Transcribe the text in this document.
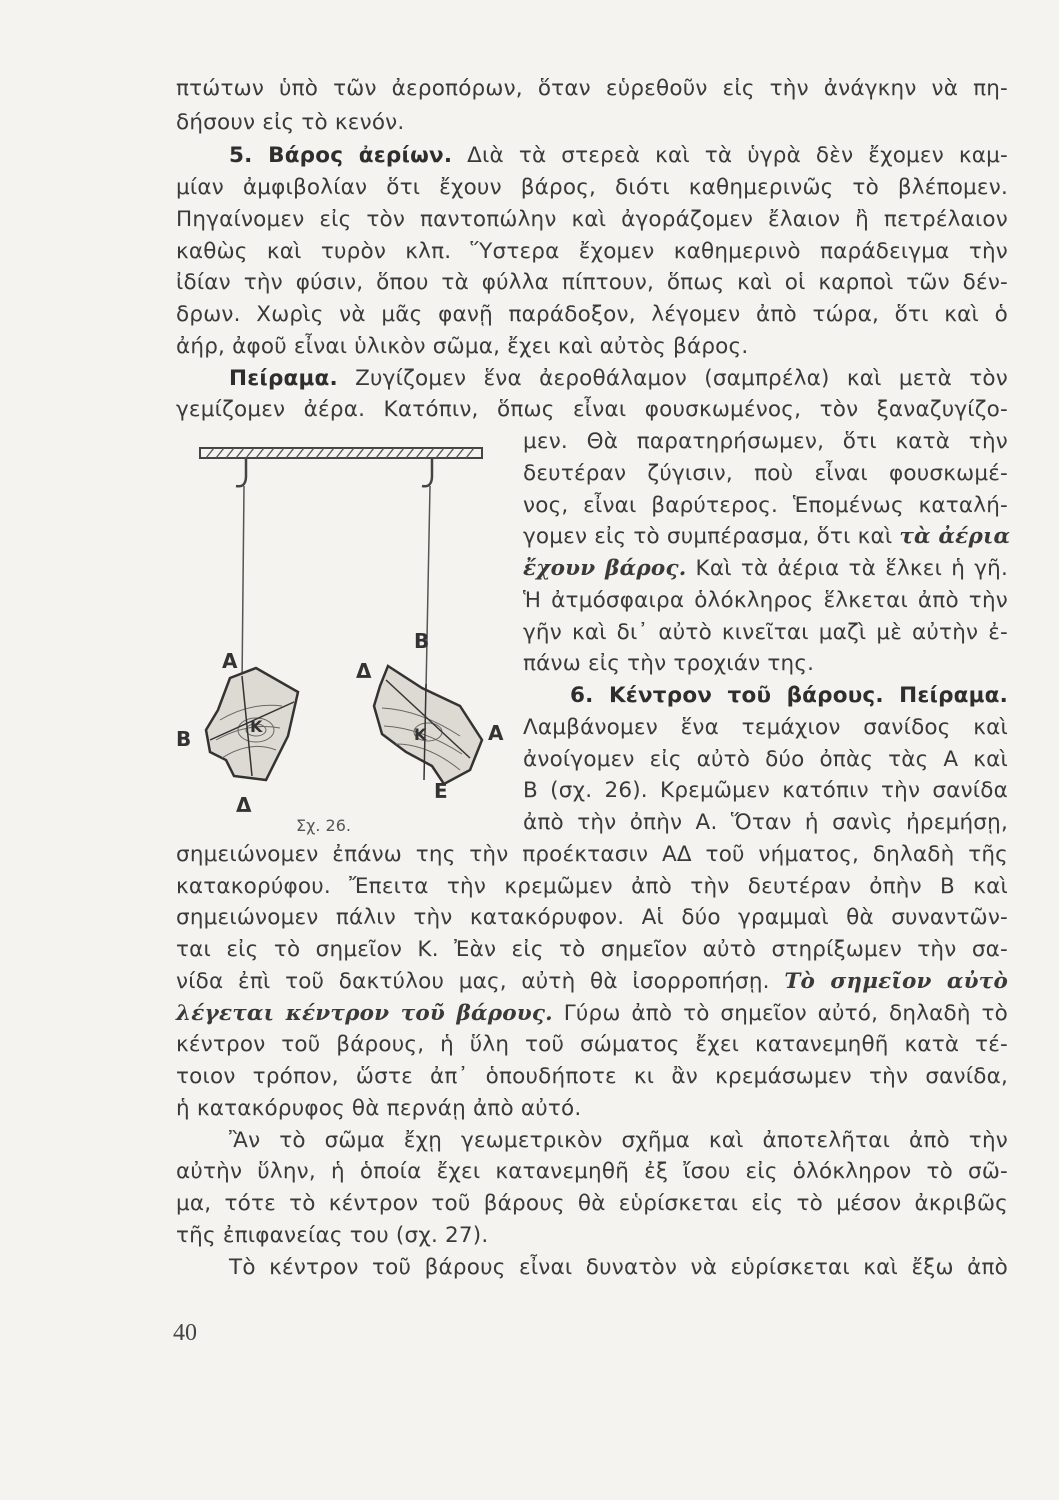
πτώτων ὑπὸ τῶν ἀεροπόρων, ὅταν εὑρεθοῦν εἰς τὴν ἀνάγκην νὰ πη-
δήσουν εἰς τὸ κενόν.
5. Βάρος ἀερίων. Διὰ τὰ στερεὰ καὶ τὰ ὑγρὰ δὲν ἔχομεν καμ-
μίαν ἀμφιβολίαν ὅτι ἔχουν βάρος, διότι καθημερινῶς τὸ βλέπομεν.
Πηγαίνομεν εἰς τὸν παντοπώλην καὶ ἀγοράζομεν ἔλαιον ἢ πετρέλαιον
καθὼς καὶ τυρὸν κλπ. Ὕστερα ἔχομεν καθημερινὸ παράδειγμα τὴν
ἰδίαν τὴν φύσιν, ὅπου τὰ φύλλα πίπτουν, ὅπως καὶ οἱ καρποὶ τῶν δέν-
δρων. Χωρὶς νὰ μᾶς φανῇ παράδοξον, λέγομεν ἀπὸ τώρα, ὅτι καὶ ὁ
ἀήρ, ἀφοῦ εἶναι ὑλικὸν σῶμα, ἔχει καὶ αὐτὸς βάρος.
Πείραμα. Ζυγίζομεν ἕνα ἀεροθάλαμον (σαμπρέλα) καὶ μετὰ τὸν
γεμίζομεν ἀέρα. Κατόπιν, ὅπως εἶναι φουσκωμένος, τὸν ξαναζυγίζο-
μεν. Θὰ παρατηρήσωμεν, ὅτι κατὰ τὴν
δευτέραν ζύγισιν, ποὺ εἶναι φουσκωμέ-
νος, εἶναι βαρύτερος. Ἑπομένως καταλή-
γομεν εἰς τὸ συμπέρασμα, ὅτι καὶ τὰ ἀέρια
ἔχουν βάρος. Καὶ τὰ ἀέρια τὰ ἕλκει ἡ γῆ.
Ἡ ἀτμόσφαιρα ὁλόκληρος ἕλκεται ἀπὸ τὴν
γῆν καὶ δι᾽ αὐτὸ κινεῖται μαζὶ μὲ αὐτὴν ἐ-
πάνω εἰς τὴν τροχιάν της.
6. Κέντρον τοῦ βάρους. Πείραμα.
Λαμβάνομεν ἕνα τεμάχιον σανίδος καὶ
ἀνοίγομεν εἰς αὐτὸ δύο ὀπὰς τὰς Α καὶ
Β (σχ. 26). Κρεμῶμεν κατόπιν τὴν σανίδα
ἀπὸ τὴν ὀπὴν Α. Ὅταν ἡ σανὶς ἠρεμήσῃ,
σημειώνομεν ἐπάνω της τὴν προέκτασιν ΑΔ τοῦ νήματος, δηλαδὴ τῆς
κατακορύφου. Ἔπειτα τὴν κρεμῶμεν ἀπὸ τὴν δευτέραν ὀπὴν Β καὶ
σημειώνομεν πάλιν τὴν κατακόρυφον. Αἱ δύο γραμμαὶ θὰ συναντῶν-
ται εἰς τὸ σημεῖον Κ. Ἐὰν εἰς τὸ σημεῖον αὐτὸ στηρίξωμεν τὴν σα-
νίδα ἐπὶ τοῦ δακτύλου μας, αὐτὴ θὰ ἰσορροπήσῃ. Τὸ σημεῖον αὐτὸ
λέγεται κέντρον τοῦ βάρους. Γύρω ἀπὸ τὸ σημεῖον αὐτό, δηλαδὴ τὸ
κέντρον τοῦ βάρους, ἡ ὕλη τοῦ σώματος ἔχει κατανεμηθῆ κατὰ τέ-
τοιον τρόπον, ὥστε ἀπ᾽ ὁπουδήποτε κι ἂν κρεμάσωμεν τὴν σανίδα,
ἡ κατακόρυφος θὰ περνάῃ ἀπὸ αὐτό.
Ἂν τὸ σῶμα ἔχῃ γεωμετρικὸν σχῆμα καὶ ἀποτελῆται ἀπὸ τὴν
αὐτὴν ὕλην, ἡ ὁποία ἔχει κατανεμηθῆ ἐξ ἴσου εἰς ὁλόκληρον τὸ σῶ-
μα, τότε τὸ κέντρον τοῦ βάρους θὰ εὑρίσκεται εἰς τὸ μέσον ἀκριβῶς
τῆς ἐπιφανείας του (σχ. 27).
Τὸ κέντρον τοῦ βάρους εἶναι δυνατὸν νὰ εὑρίσκεται καὶ ἔξω ἀπὸ
Α
Β
Κ
Δ
Β
Δ
Κ	Α
Ε
Σχ. 26.
40
